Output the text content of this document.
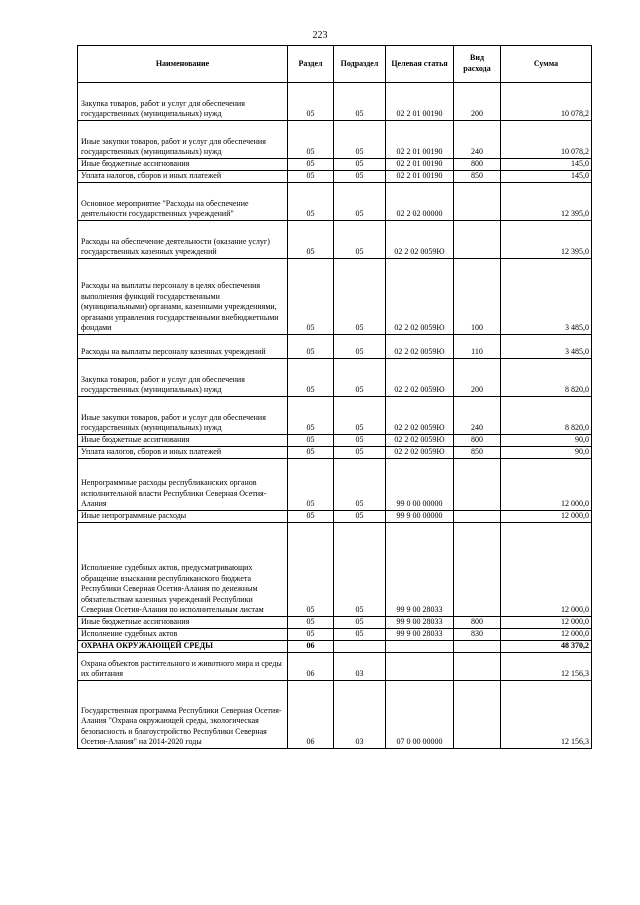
223
Наименование	Раздел	Подраздел	Целевая статья	Вид расхода	Сумма
Закупка товаров, работ и услуг для обеспечения государственных (муниципальных) нужд	05	05	02 2 01 00190	200	10 078,2
Иные закупки товаров, работ и услуг для обеспечения государственных (муниципальных) нужд	05	05	02 2 01 00190	240	10 078,2
Иные бюджетные ассигнования	05	05	02 2 01 00190	800	145,0
Уплата налогов, сборов и иных платежей	05	05	02 2 01 00190	850	145,0
Основное мероприятие "Расходы на обеспечение деятельности государственных учреждений"	05	05	02 2 02 00000		12 395,0
Расходы на обеспечение деятельности (оказание услуг) государственных казенных учреждений	05	05	02 2 02 0059Ю		12 395,0
Расходы на выплаты персоналу в целях обеспечения выполнения функций государственными (муниципальными) органами, казенными учреждениями, органами управления государственными внебюджетными фондами	05	05	02 2 02 0059Ю	100	3 485,0
Расходы на выплаты персоналу казенных учреждений	05	05	02 2 02 0059Ю	110	3 485,0
Закупка товаров, работ и услуг для обеспечения государственных (муниципальных) нужд	05	05	02 2 02 0059Ю	200	8 820,0
Иные закупки товаров, работ и услуг для обеспечения государственных (муниципальных) нужд	05	05	02 2 02 0059Ю	240	8 820,0
Иные бюджетные ассигнования	05	05	02 2 02 0059Ю	800	90,0
Уплата налогов, сборов и иных платежей	05	05	02 2 02 0059Ю	850	90,0
Непрограммные расходы республиканских органов исполнительной власти Республики Северная Осетия-Алания	05	05	99 0 00 00000		12 000,0
Иные непрограммные расходы	05	05	99 9 00 00000		12 000,0
Исполнение судебных актов, предусматривающих обращение взыскания республиканского бюджета Республики Северная Осетия-Алания по денежным обязательствам казенных учреждений Республики Северная Осетия-Алания по исполнительным листам	05	05	99 9 00 28033		12 000,0
Иные бюджетные ассигнования	05	05	99 9 00 28033	800	12 000,0
Исполнение судебных актов	05	05	99 9 00 28033	830	12 000,0
ОХРАНА ОКРУЖАЮЩЕЙ СРЕДЫ	06				48 370,2
Охрана объектов растительного и животного мира и среды их обитания	06	03			12 156,3
Государственная программа Республики Северная Осетия-Алания "Охрана окружающей среды, экологическая безопасность и благоустройство Республики Северная Осетия-Алания" на 2014-2020 годы	06	03	07 0 00 00000		12 156,3
